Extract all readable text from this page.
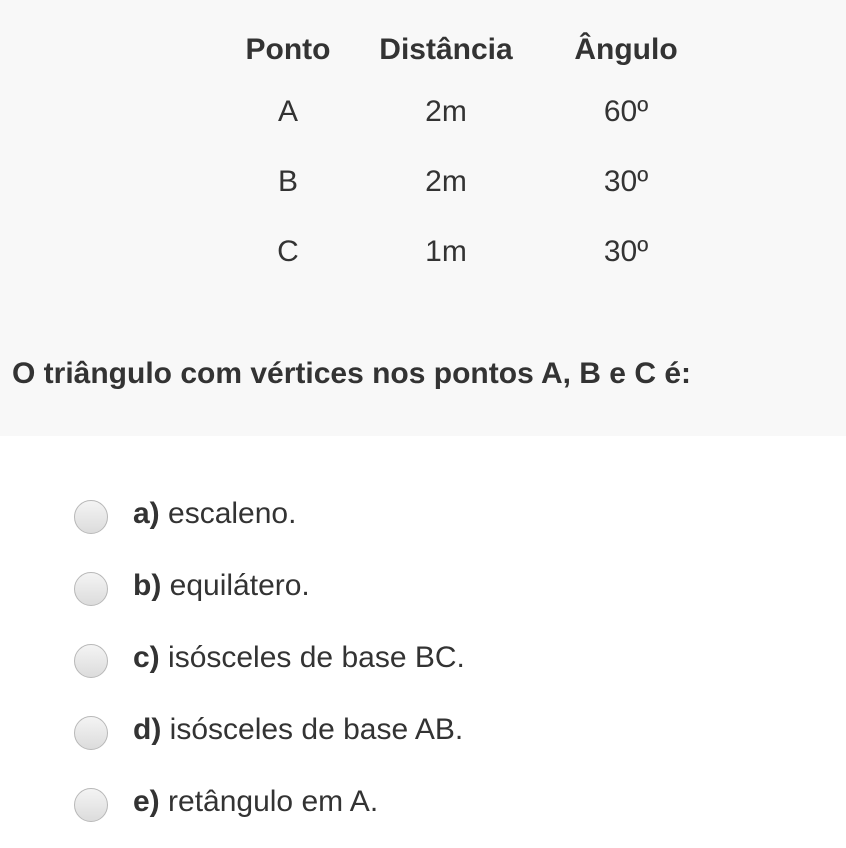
Ponto	Distância	Ângulo
A	2m	60º
B	2m	30º
C	1m	30º

O triângulo com vértices nos pontos A, B e C é:

a) escaleno.
b) equilátero.
c) isósceles de base BC.
d) isósceles de base AB.
e) retângulo em A.
